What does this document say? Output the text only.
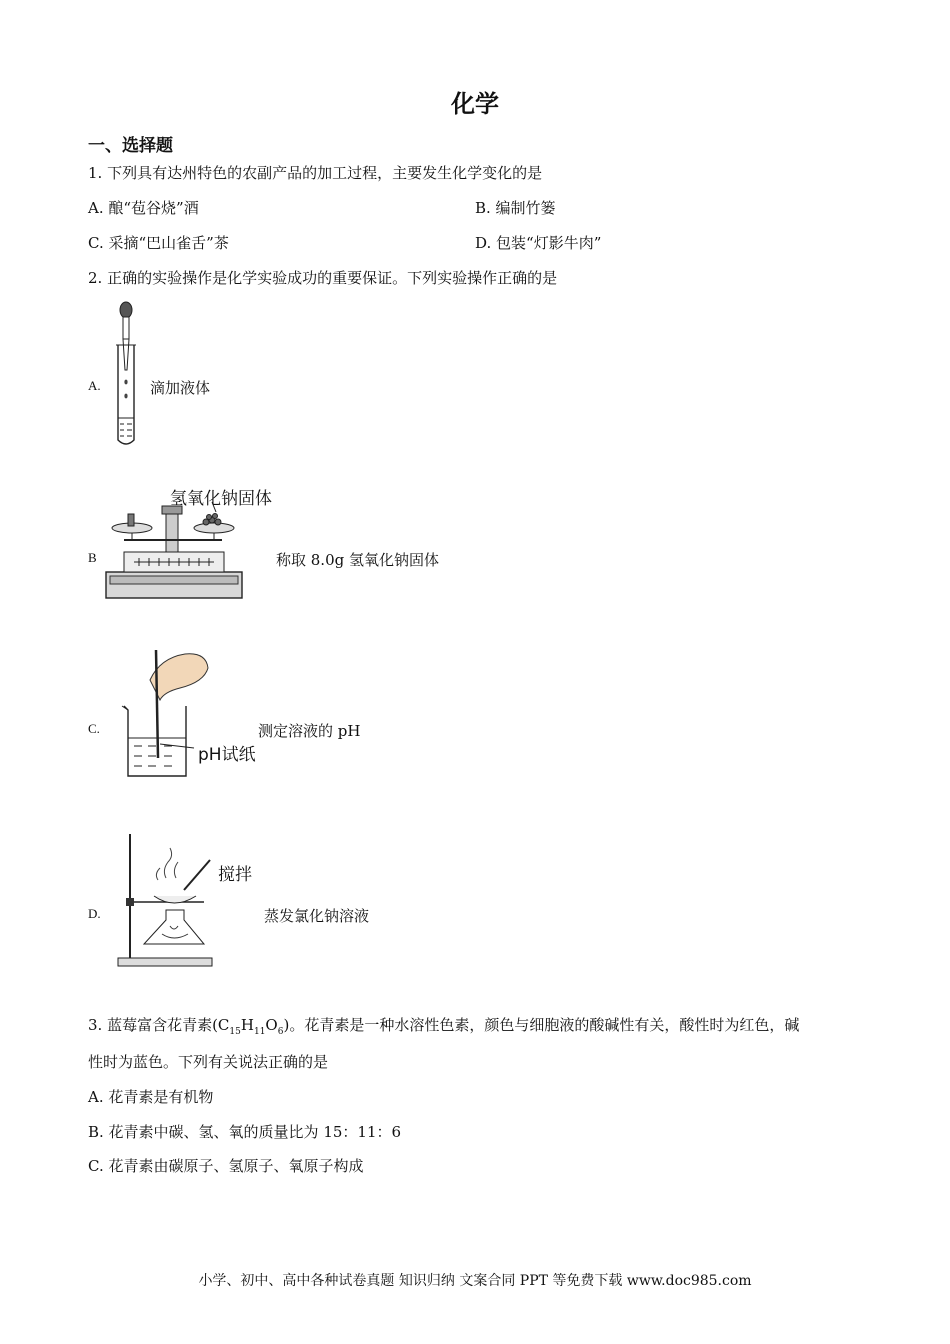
化学
一、选择题
1. 下列具有达州特色的农副产品的加工过程，主要发生化学变化的是
A. 酿“苞谷烧”酒	B. 编制竹篓
C. 采摘“巴山雀舌”茶	D. 包装“灯影牛肉”
2. 正确的实验操作是化学实验成功的重要保证。下列实验操作正确的是
A.	滴加液体
B
氢氧化钠固体
称取 8.0g 氢氧化钠固体
C.
pH试纸
测定溶液的 pH
D.
搅拌
蒸发氯化钠溶液
3. 蓝莓富含花青素$(C_{15}H_{11}O_6)$。花青素是一种水溶性色素，颜色与细胞液的酸碱性有关，酸性时为红色，碱
性时为蓝色。下列有关说法正确的是
A. 花青素是有机物
B. 花青素中碳、氢、氧的质量比为 15：11：6
C. 花青素由碳原子、氢原子、氧原子构成
小学、初中、高中各种试卷真题 知识归纳 文案合同 PPT 等免费下载 www.doc985.com
